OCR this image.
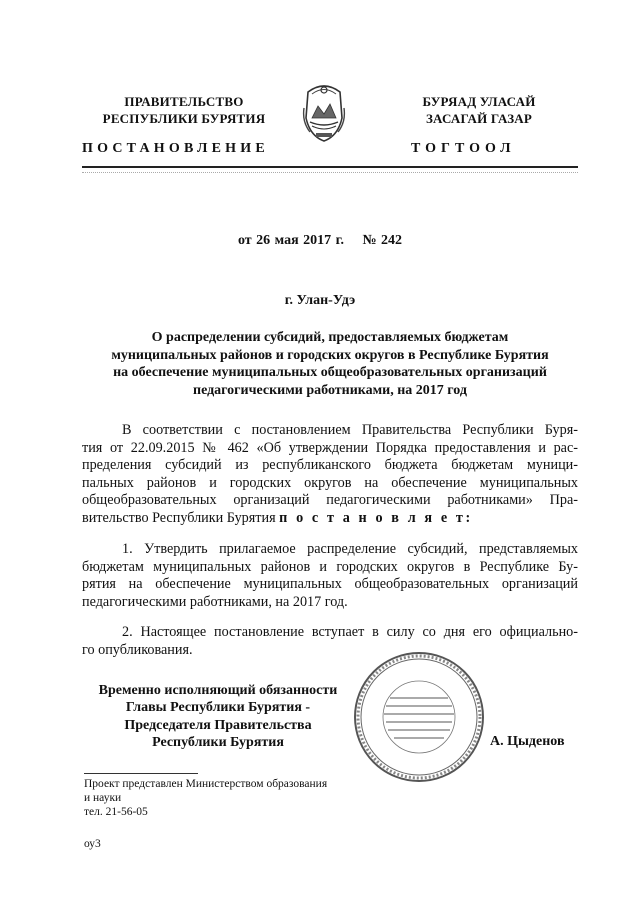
ПРАВИТЕЛЬСТВО
РЕСПУБЛИКИ БУРЯТИЯ
БУРЯАД УЛАСАЙ
ЗАСАГАЙ ГАЗАР
ПОСТАНОВЛЕНИЕ	ТОГТООЛ
от 26 мая 2017 г. № 242
г. Улан-Удэ
О распределении субсидий, предоставляемых бюджетам
муниципальных районов и городских округов в Республике Бурятия
на обеспечение муниципальных общеобразовательных организаций
педагогическими работниками, на 2017 год
В соответствии с постановлением Правительства Республики Буря-
тия от 22.09.2015 № 462 «Об утверждении Порядка предоставления и рас-
пределения субсидий из республиканского бюджета бюджетам муници-
пальных районов и городских округов на обеспечение муниципальных
общеобразовательных организаций педагогическими работниками» Пра-
вительство Республики Бурятия п о с т а н о в л я е т:
1. Утвердить прилагаемое распределение субсидий, представляемых
бюджетам муниципальных районов и городских округов в Республике Бу-
рятия на обеспечение муниципальных общеобразовательных организаций
педагогическими работниками, на 2017 год.
2. Настоящее постановление вступает в силу со дня его официально-
го опубликования.
Временно исполняющий обязанности
Главы Республики Бурятия -
Председателя Правительства
Республики Бурятия	А. Цыденов
Проект представлен Министерством образования
и науки
тел. 21-56-05
оу3
